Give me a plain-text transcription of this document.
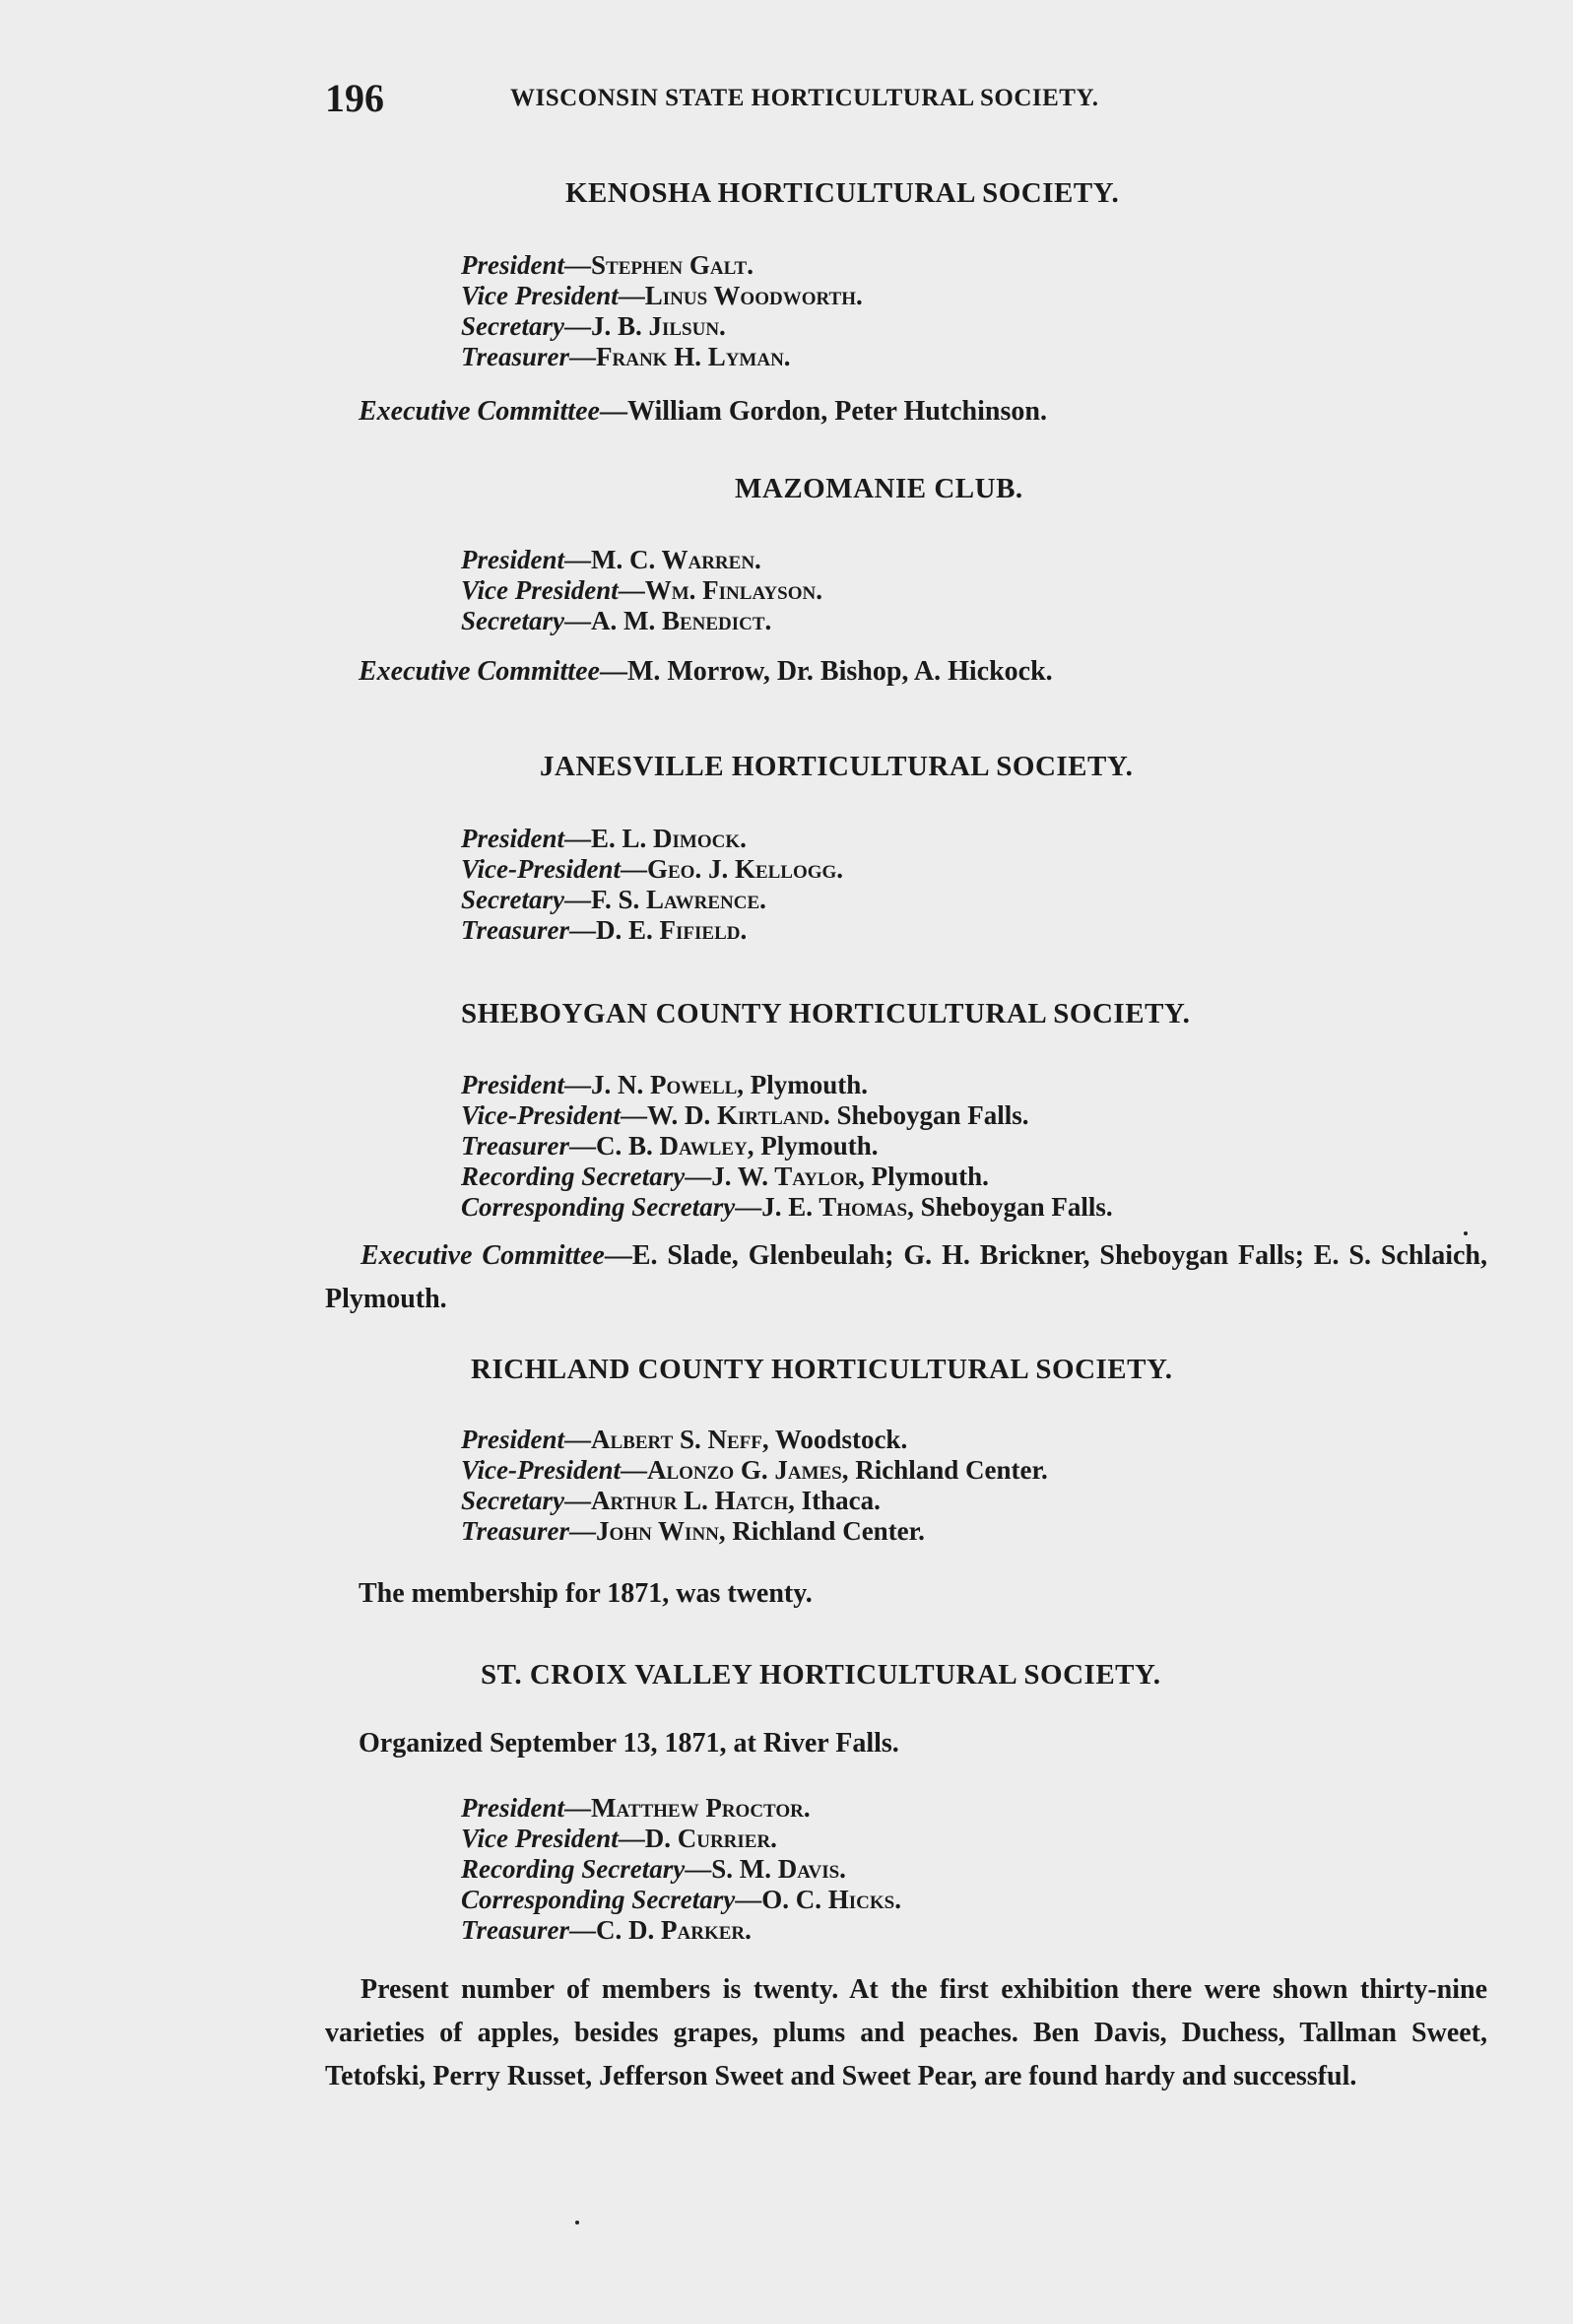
196	WISCONSIN STATE HORTICULTURAL SOCIETY.
KENOSHA HORTICULTURAL SOCIETY.
President—Stephen Galt.
Vice President—Linus Woodworth.
Secretary—J. B. Jilsun.
Treasurer—Frank H. Lyman.
Executive Committee—William Gordon, Peter Hutchinson.
MAZOMANIE CLUB.
President—M. C. Warren.
Vice President—Wm. Finlayson.
Secretary—A. M. Benedict.
Executive Committee—M. Morrow, Dr. Bishop, A. Hickock.
JANESVILLE HORTICULTURAL SOCIETY.
President—E. L. Dimock.
Vice-President—Geo. J. Kellogg.
Secretary—F. S. Lawrence.
Treasurer—D. E. Fifield.
SHEBOYGAN COUNTY HORTICULTURAL SOCIETY.
President—J. N. Powell, Plymouth.
Vice-President—W. D. Kirtland. Sheboygan Falls.
Treasurer—C. B. Dawley, Plymouth.
Recording Secretary—J. W. Taylor, Plymouth.
Corresponding Secretary—J. E. Thomas, Sheboygan Falls.
Executive Committee—E. Slade, Glenbeulah; G. H. Brickner, Sheboygan Falls; E. S. Schlaich, Plymouth.
RICHLAND COUNTY HORTICULTURAL SOCIETY.
President—Albert S. Neff, Woodstock.
Vice-President—Alonzo G. James, Richland Center.
Secretary—Arthur L. Hatch, Ithaca.
Treasurer—John Winn, Richland Center.
The membership for 1871, was twenty.
ST. CROIX VALLEY HORTICULTURAL SOCIETY.
Organized September 13, 1871, at River Falls.
President—Matthew Proctor.
Vice President—D. Currier.
Recording Secretary—S. M. Davis.
Corresponding Secretary—O. C. Hicks.
Treasurer—C. D. Parker.
Present number of members is twenty. At the first exhibition there were shown thirty-nine varieties of apples, besides grapes, plums and peaches. Ben Davis, Duchess, Tallman Sweet, Tetofski, Perry Russet, Jefferson Sweet and Sweet Pear, are found hardy and successful.
